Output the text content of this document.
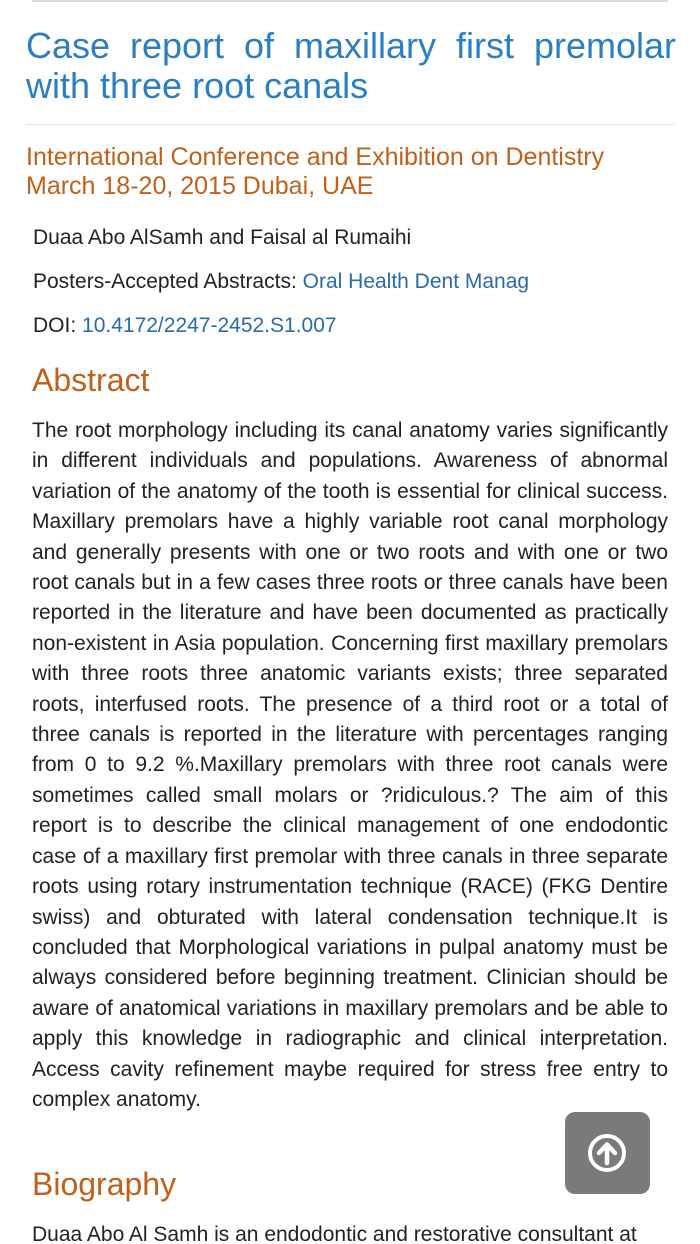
Case report of maxillary first premolar with three root canals
International Conference and Exhibition on Dentistry
March 18-20, 2015 Dubai, UAE
Duaa Abo AlSamh and Faisal al Rumaihi
Posters-Accepted Abstracts: Oral Health Dent Manag
DOI: 10.4172/2247-2452.S1.007
Abstract

The root morphology including its canal anatomy varies significantly in different individuals and populations. Awareness of abnormal variation of the anatomy of the tooth is essential for clinical success. Maxillary premolars have a highly variable root canal morphology and generally presents with one or two roots and with one or two root canals but in a few cases three roots or three canals have been reported in the literature and have been documented as practically non-existent in Asia population. Concerning first maxillary premolars with three roots three anatomic variants exists; three separated roots, interfused roots. The presence of a third root or a total of three canals is reported in the literature with percentages ranging from 0 to 9.2 %.Maxillary premolars with three root canals were sometimes called small molars or ?ridiculous.? The aim of this report is to describe the clinical management of one endodontic case of a maxillary first premolar with three canals in three separate roots using rotary instrumentation technique (RACE) (FKG Dentire swiss) and obturated with lateral condensation technique.It is concluded that Morphological variations in pulpal anatomy must be always considered before beginning treatment. Clinician should be aware of anatomical variations in maxillary premolars and be able to apply this knowledge in radiographic and clinical interpretation. Access cavity refinement maybe required for stress free entry to complex anatomy.

Biography

Duaa Abo Al Samh is an endodontic and restorative consultant at
